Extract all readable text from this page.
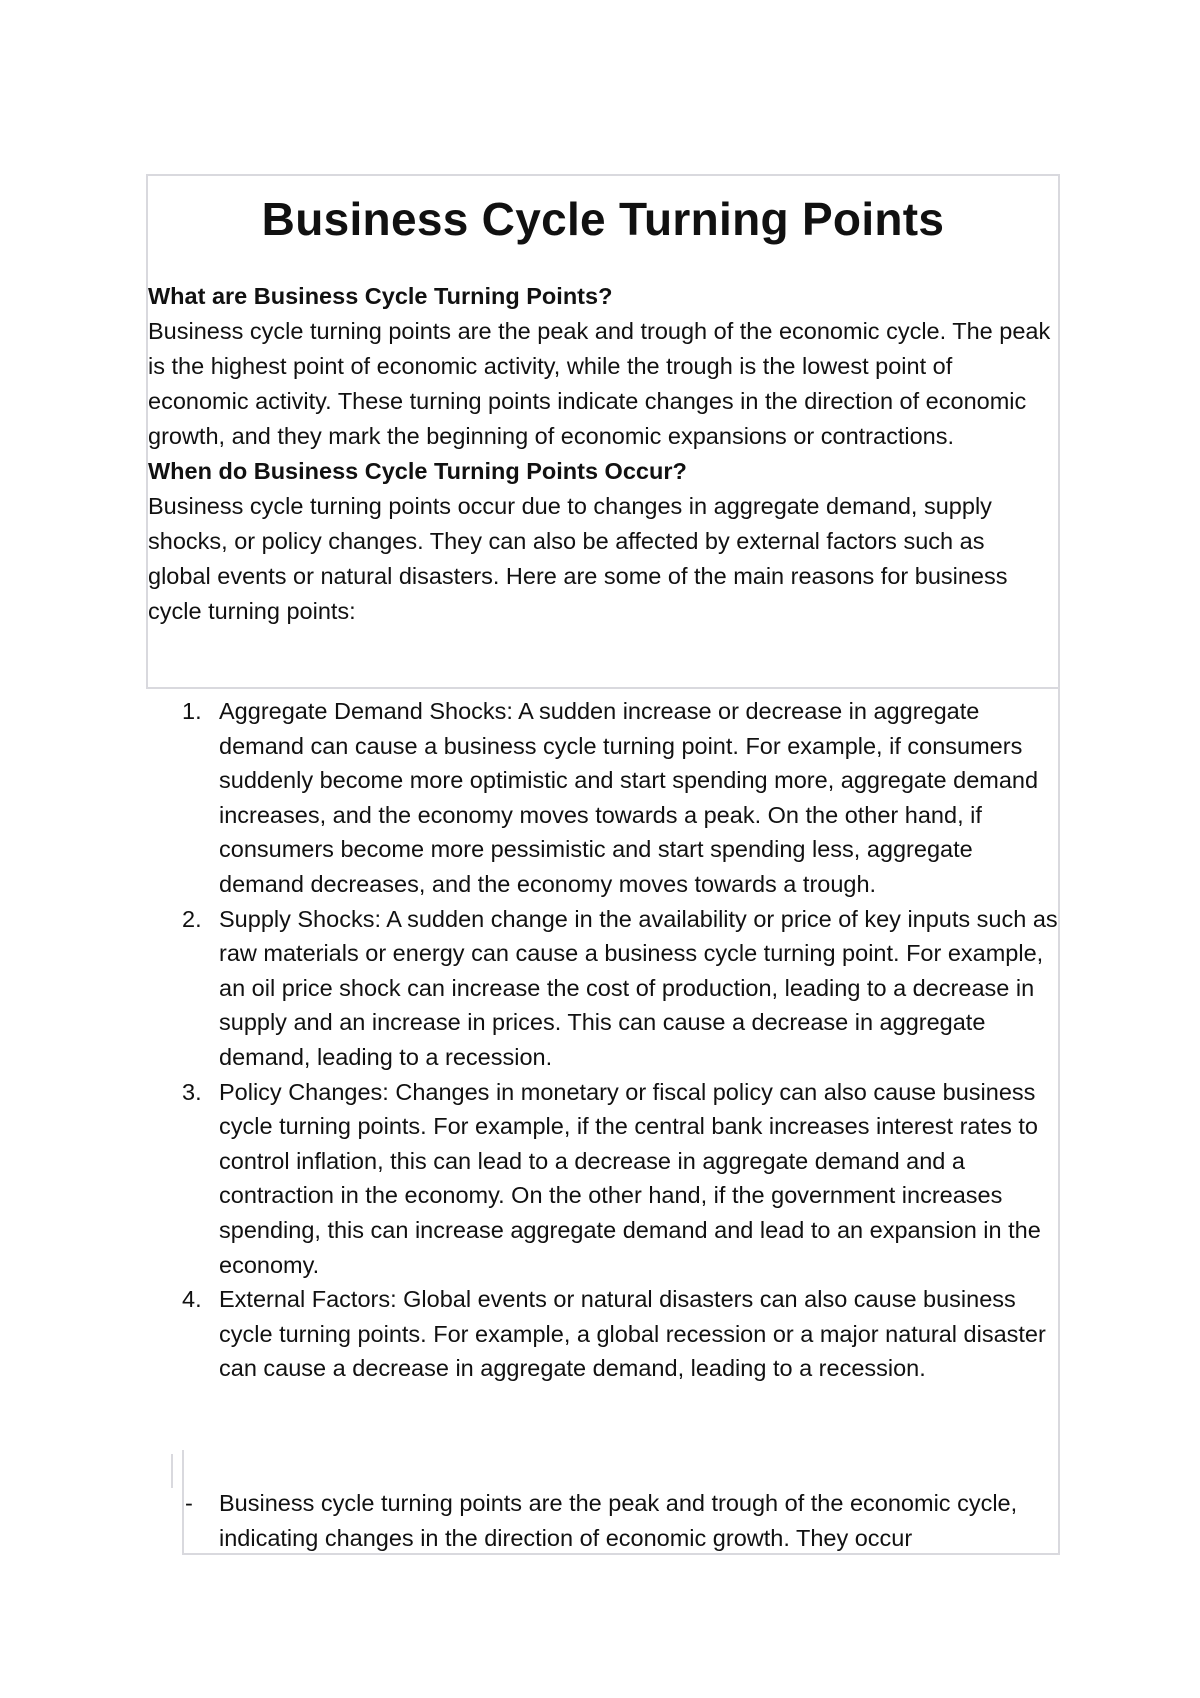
Business Cycle Turning Points

What are Business Cycle Turning Points?

Business cycle turning points are the peak and trough of the economic cycle. The peak is the highest point of economic activity, while the trough is the lowest point of economic activity. These turning points indicate changes in the direction of economic growth, and they mark the beginning of economic expansions or contractions.

When do Business Cycle Turning Points Occur?

Business cycle turning points occur due to changes in aggregate demand, supply shocks, or policy changes. They can also be affected by external factors such as global events or natural disasters. Here are some of the main reasons for business cycle turning points:

1. Aggregate Demand Shocks: A sudden increase or decrease in aggregate demand can cause a business cycle turning point. For example, if consumers suddenly become more optimistic and start spending more, aggregate demand increases, and the economy moves towards a peak. On the other hand, if consumers become more pessimistic and start spending less, aggregate demand decreases, and the economy moves towards a trough.
2. Supply Shocks: A sudden change in the availability or price of key inputs such as raw materials or energy can cause a business cycle turning point. For example, an oil price shock can increase the cost of production, leading to a decrease in supply and an increase in prices. This can cause a decrease in aggregate demand, leading to a recession.
3. Policy Changes: Changes in monetary or fiscal policy can also cause business cycle turning points. For example, if the central bank increases interest rates to control inflation, this can lead to a decrease in aggregate demand and a contraction in the economy. On the other hand, if the government increases spending, this can increase aggregate demand and lead to an expansion in the economy.
4. External Factors: Global events or natural disasters can also cause business cycle turning points. For example, a global recession or a major natural disaster can cause a decrease in aggregate demand, leading to a recession.
-	Business cycle turning points are the peak and trough of the economic cycle, indicating changes in the direction of economic growth. They occur
